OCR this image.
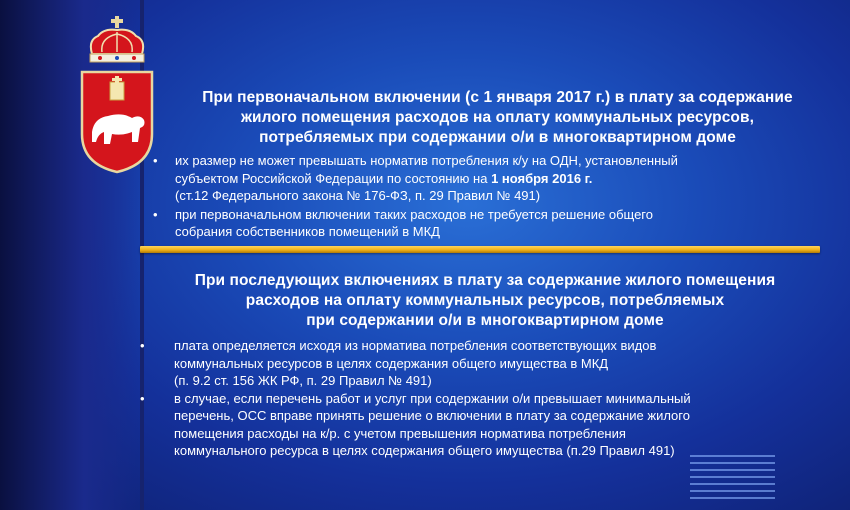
При первоначальном включении (с 1 января 2017 г.) в плату за содержание
жилого помещения расходов на оплату коммунальных ресурсов,
потребляемых при содержании о/и в многоквартирном доме
• их размер не может превышать норматив потребления к/у на ОДН, установленный
субъектом Российской Федерации по состоянию на 1 ноября 2016 г.
(ст.12 Федерального закона № 176-ФЗ, п. 29 Правил № 491)
• при первоначальном включении таких расходов не требуется решение общего
собрания собственников помещений в МКД
При последующих включениях в плату за содержание жилого помещения
расходов на оплату коммунальных ресурсов, потребляемых
при содержании о/и в многоквартирном доме
• плата определяется исходя из норматива потребления соответствующих видов
коммунальных ресурсов в целях содержания общего имущества в МКД
(п. 9.2 ст. 156 ЖК РФ, п. 29 Правил № 491)
• в случае, если перечень работ и услуг при содержании о/и превышает минимальный
перечень, ОСС вправе принять решение о включении в плату за содержание жилого
помещения расходы на к/р. с учетом превышения норматива потребления
коммунального ресурса в целях содержания общего имущества (п.29 Правил 491)
